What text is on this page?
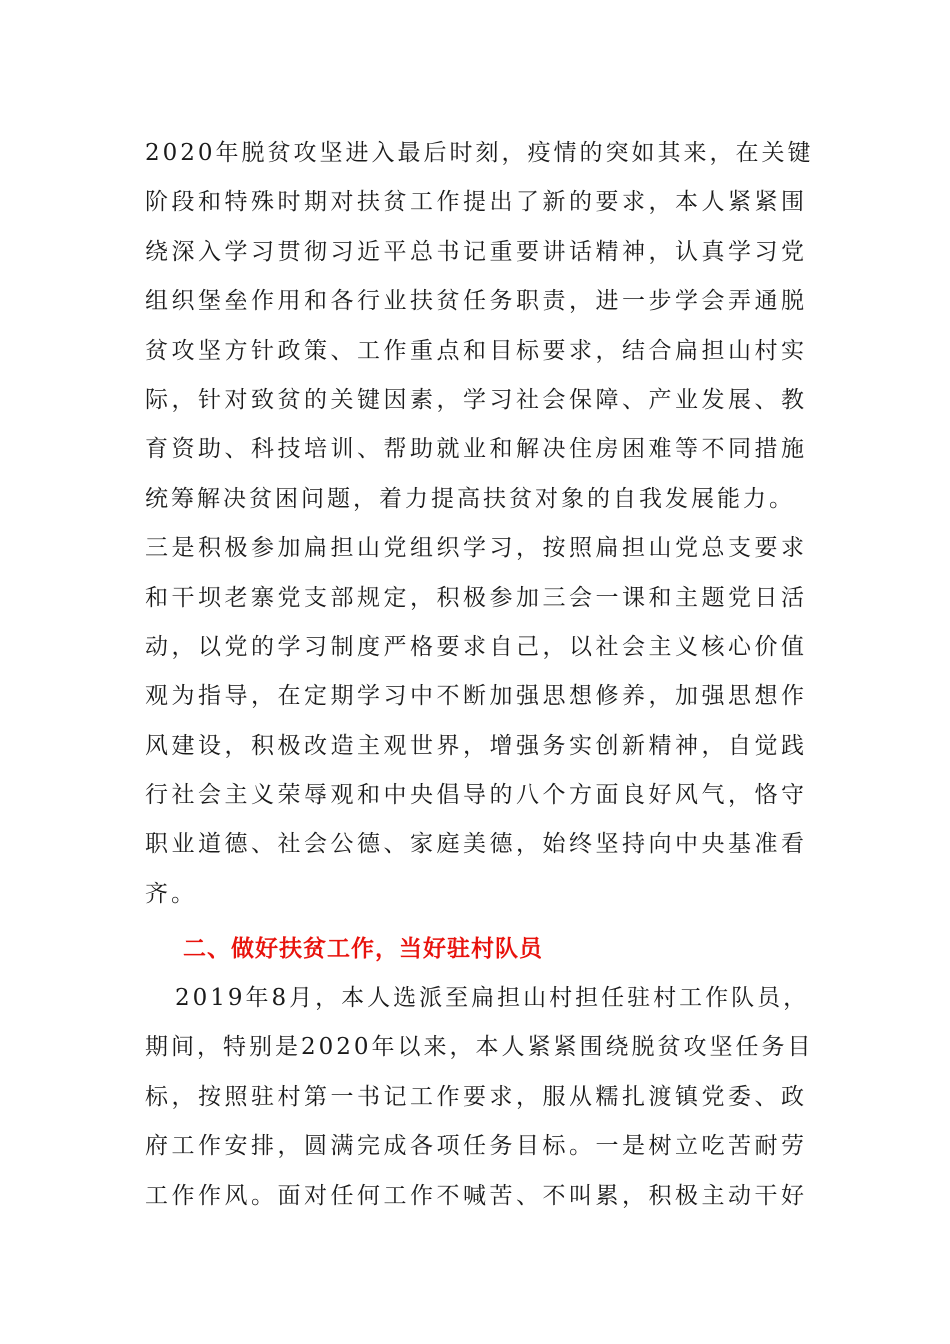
2020年脱贫攻坚进入最后时刻，疫情的突如其来，在关键
阶段和特殊时期对扶贫工作提出了新的要求，本人紧紧围
绕深入学习贯彻习近平总书记重要讲话精神，认真学习党
组织堡垒作用和各行业扶贫任务职责，进一步学会弄通脱
贫攻坚方针政策、工作重点和目标要求，结合扁担山村实
际，针对致贫的关键因素，学习社会保障、产业发展、教
育资助、科技培训、帮助就业和解决住房困难等不同措施
统筹解决贫困问题，着力提高扶贫对象的自我发展能力。
三是积极参加扁担山党组织学习，按照扁担山党总支要求
和干坝老寨党支部规定，积极参加三会一课和主题党日活
动，以党的学习制度严格要求自己，以社会主义核心价值
观为指导，在定期学习中不断加强思想修养，加强思想作
风建设，积极改造主观世界，增强务实创新精神，自觉践
行社会主义荣辱观和中央倡导的八个方面良好风气，恪守
职业道德、社会公德、家庭美德，始终坚持向中央基准看
齐。
二、做好扶贫工作，当好驻村队员
2019年8月，本人选派至扁担山村担任驻村工作队员，
期间，特别是2020年以来，本人紧紧围绕脱贫攻坚任务目
标，按照驻村第一书记工作要求，服从糯扎渡镇党委、政
府工作安排，圆满完成各项任务目标。一是树立吃苦耐劳
工作作风。面对任何工作不喊苦、不叫累，积极主动干好
